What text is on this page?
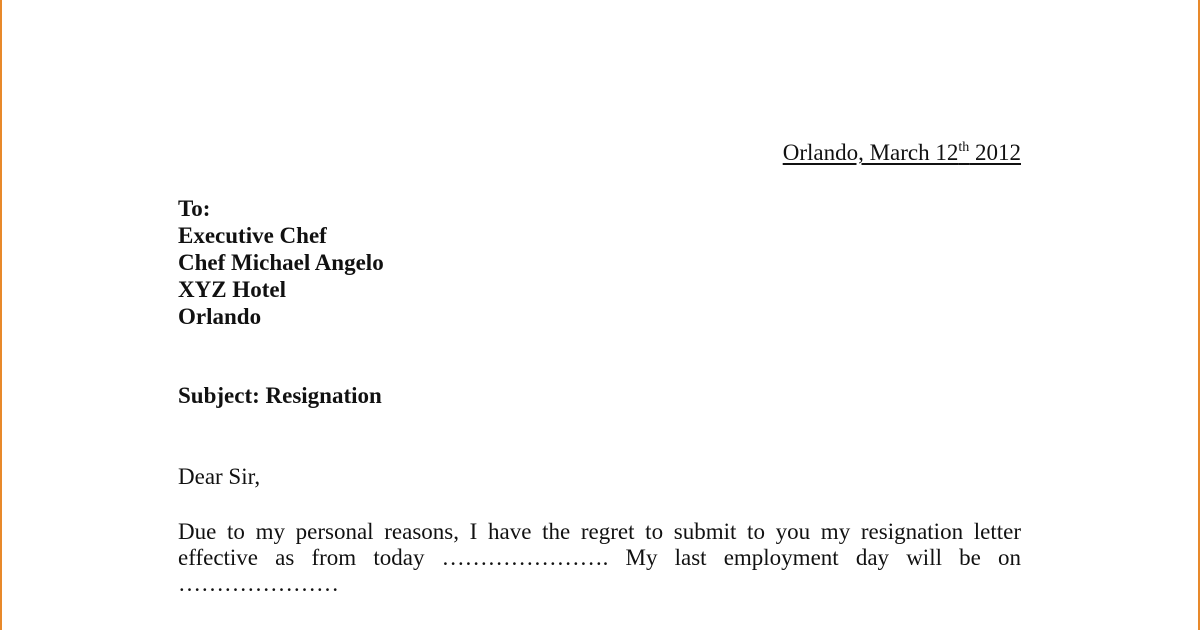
Orlando, March 12th 2012
To:
Executive Chef
Chef Michael Angelo
XYZ Hotel
Orlando
Subject: Resignation
Dear Sir,
Due to my personal reasons, I have the regret to submit to you my resignation letter
effective as from today …………………. My last employment day will be on
…………………
